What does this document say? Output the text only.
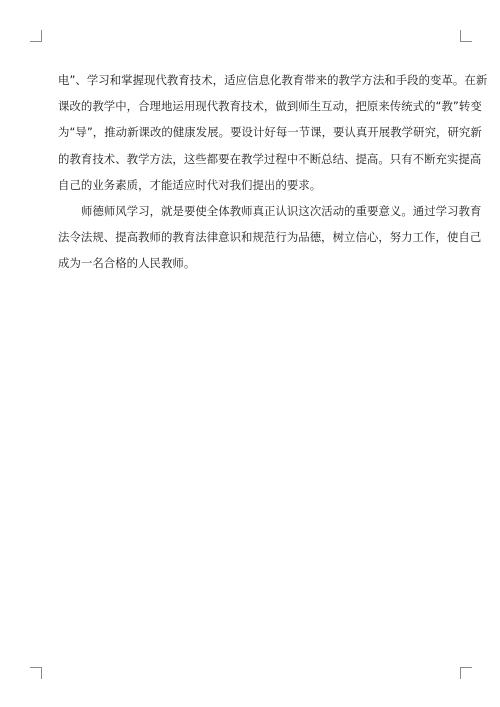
电”、学习和掌握现代教育技术，适应信息化教育带来的教学方法和手段的变革。在新
课改的教学中，合理地运用现代教育技术，做到师生互动，把原来传统式的“教”转变
为“导”，推动新课改的健康发展。要设计好每一节课，要认真开展教学研究，研究新
的教育技术、教学方法，这些都要在教学过程中不断总结、提高。只有不断充实提高
自己的业务素质，才能适应时代对我们提出的要求。
师德师风学习，就是要使全体教师真正认识这次活动的重要意义。通过学习教育
法令法规、提高教师的教育法律意识和规范行为品德，树立信心，努力工作，使自己
成为一名合格的人民教师。
